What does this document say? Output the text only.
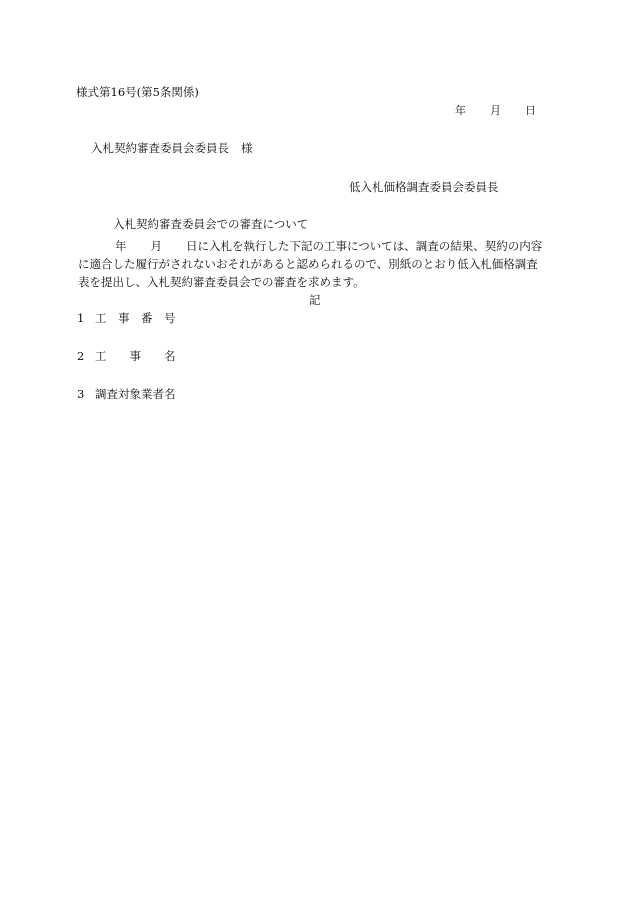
様式第16号(第5条関係)
年 月 日
入札契約審査委員会委員長 様
低入札価格調査委員会委員長
入札契約審査委員会での審査について
年 月 日に入札を執行した下記の工事については、調査の結果、契約の内容
に適合した履行がされないおそれがあると認められるので、別紙のとおり低入札価格調査
表を提出し、入札契約審査委員会での審査を求めます。
記
1 工　事　番　号
2 工　　事　　名
3 調査対象業者名
